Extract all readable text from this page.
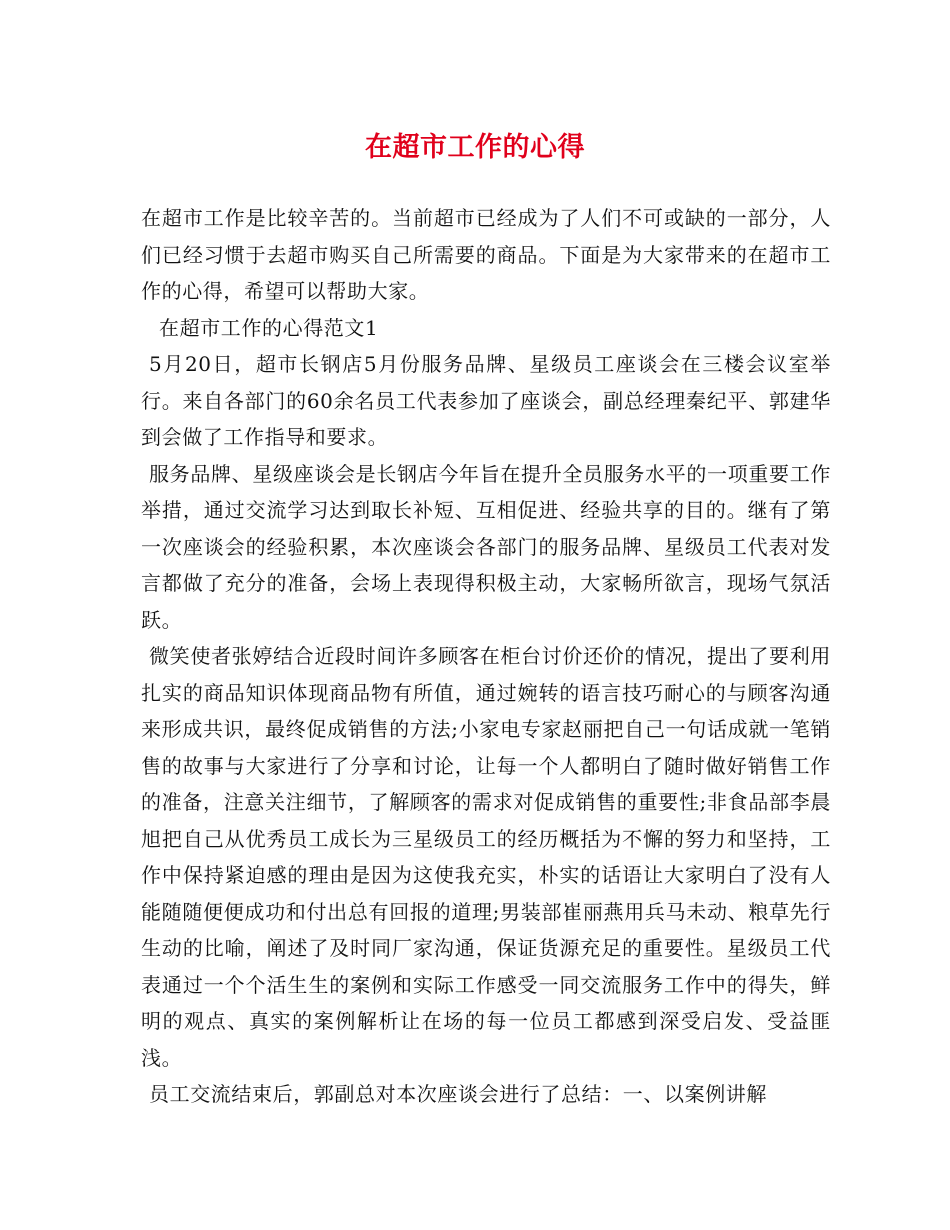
在超市工作的心得

在超市工作是比较辛苦的。当前超市已经成为了人们不可或缺的一部分，人们已经习惯于去超市购买自己所需要的商品。下面是为大家带来的在超市工作的心得，希望可以帮助大家。

在超市工作的心得范文1

5月20日，超市长钢店5月份服务品牌、星级员工座谈会在三楼会议室举行。来自各部门的60余名员工代表参加了座谈会，副总经理秦纪平、郭建华到会做了工作指导和要求。

服务品牌、星级座谈会是长钢店今年旨在提升全员服务水平的一项重要工作举措，通过交流学习达到取长补短、互相促进、经验共享的目的。继有了第一次座谈会的经验积累，本次座谈会各部门的服务品牌、星级员工代表对发言都做了充分的准备，会场上表现得积极主动，大家畅所欲言，现场气氛活跃。

微笑使者张婷结合近段时间许多顾客在柜台讨价还价的情况，提出了要利用扎实的商品知识体现商品物有所值，通过婉转的语言技巧耐心的与顾客沟通来形成共识，最终促成销售的方法;小家电专家赵丽把自己一句话成就一笔销售的故事与大家进行了分享和讨论，让每一个人都明白了随时做好销售工作的准备，注意关注细节，了解顾客的需求对促成销售的重要性;非食品部李晨旭把自己从优秀员工成长为三星级员工的经历概括为不懈的努力和坚持，工作中保持紧迫感的理由是因为这使我充实，朴实的话语让大家明白了没有人能随随便便成功和付出总有回报的道理;男装部崔丽燕用兵马未动、粮草先行生动的比喻，阐述了及时同厂家沟通，保证货源充足的重要性。星级员工代表通过一个个活生生的案例和实际工作感受一同交流服务工作中的得失，鲜明的观点、真实的案例解析让在场的每一位员工都感到深受启发、受益匪浅。

员工交流结束后，郭副总对本次座谈会进行了总结：一、以案例讲解
